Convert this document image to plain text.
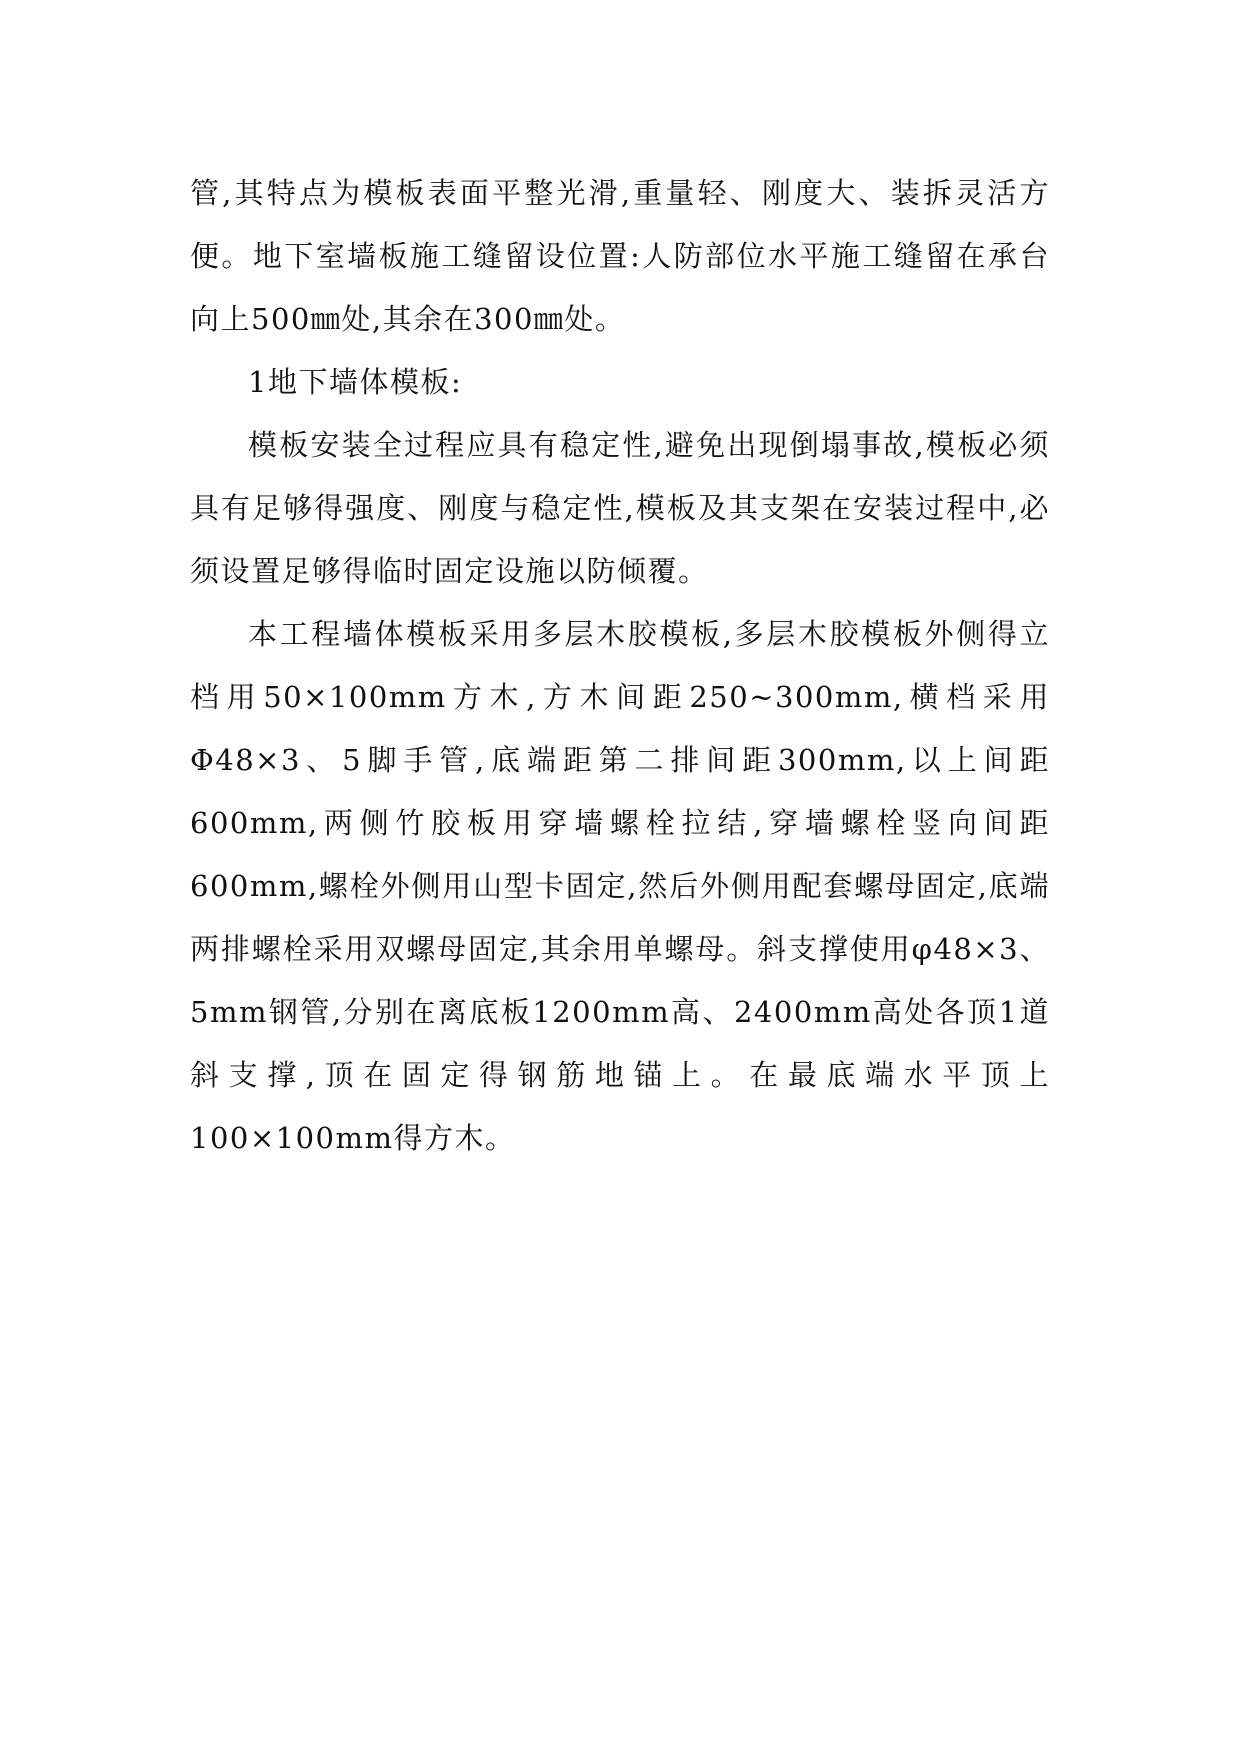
管,其特点为模板表面平整光滑,重量轻、刚度大、装拆灵活方便。地下室墙板施工缝留设位置:人防部位水平施工缝留在承台向上500㎜处,其余在300㎜处。

1地下墙体模板:

模板安装全过程应具有稳定性,避免出现倒塌事故,模板必须具有足够得强度、刚度与稳定性,模板及其支架在安装过程中,必须设置足够得临时固定设施以防倾覆。

本工程墙体模板采用多层木胶模板,多层木胶模板外侧得立档用50×100mm方木,方木间距250~300mm,横档采用Φ48×3、5脚手管,底端距第二排间距300mm,以上间距600mm,两侧竹胶板用穿墙螺栓拉结,穿墙螺栓竖向间距600mm,螺栓外侧用山型卡固定,然后外侧用配套螺母固定,底端两排螺栓采用双螺母固定,其余用单螺母。斜支撑使用φ48×3、5mm钢管,分别在离底板1200mm高、2400mm高处各顶1道斜支撑,顶在固定得钢筋地锚上。在最底端水平顶上100×100mm得方木。
